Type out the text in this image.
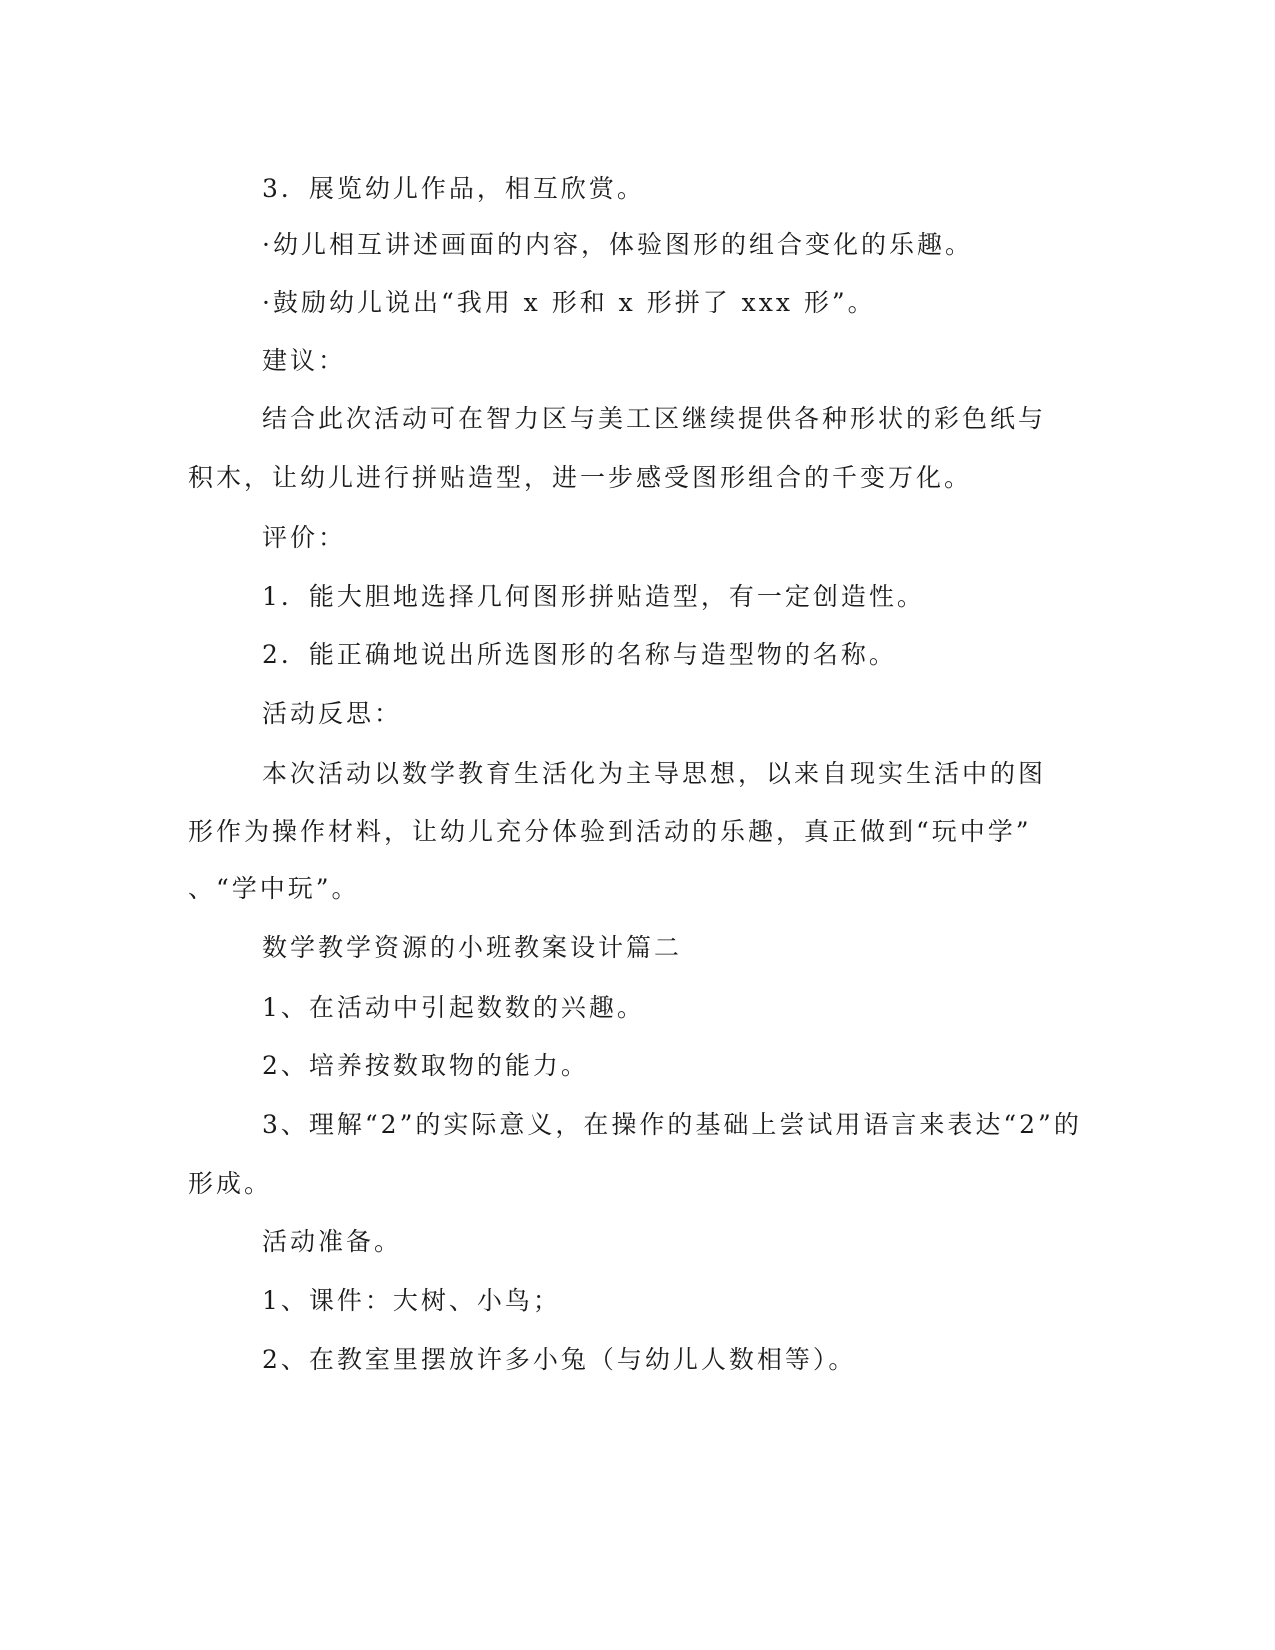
3．展览幼儿作品，相互欣赏。

·幼儿相互讲述画面的内容，体验图形的组合变化的乐趣。

·鼓励幼儿说出“我用 x 形和 x 形拼了 xxx 形”。

建议：

结合此次活动可在智力区与美工区继续提供各种形状的彩色纸与

积木，让幼儿进行拼贴造型，进一步感受图形组合的千变万化。

评价：

1．能大胆地选择几何图形拼贴造型，有一定创造性。

2．能正确地说出所选图形的名称与造型物的名称。

活动反思：

本次活动以数学教育生活化为主导思想，以来自现实生活中的图

形作为操作材料，让幼儿充分体验到活动的乐趣，真正做到“玩中学”

、“学中玩”。

数学教学资源的小班教案设计篇二

1、在活动中引起数数的兴趣。

2、培养按数取物的能力。

3、理解“2”的实际意义，在操作的基础上尝试用语言来表达“2”的

形成。

活动准备。

1、课件：大树、小鸟；

2、在教室里摆放许多小兔（与幼儿人数相等）。
